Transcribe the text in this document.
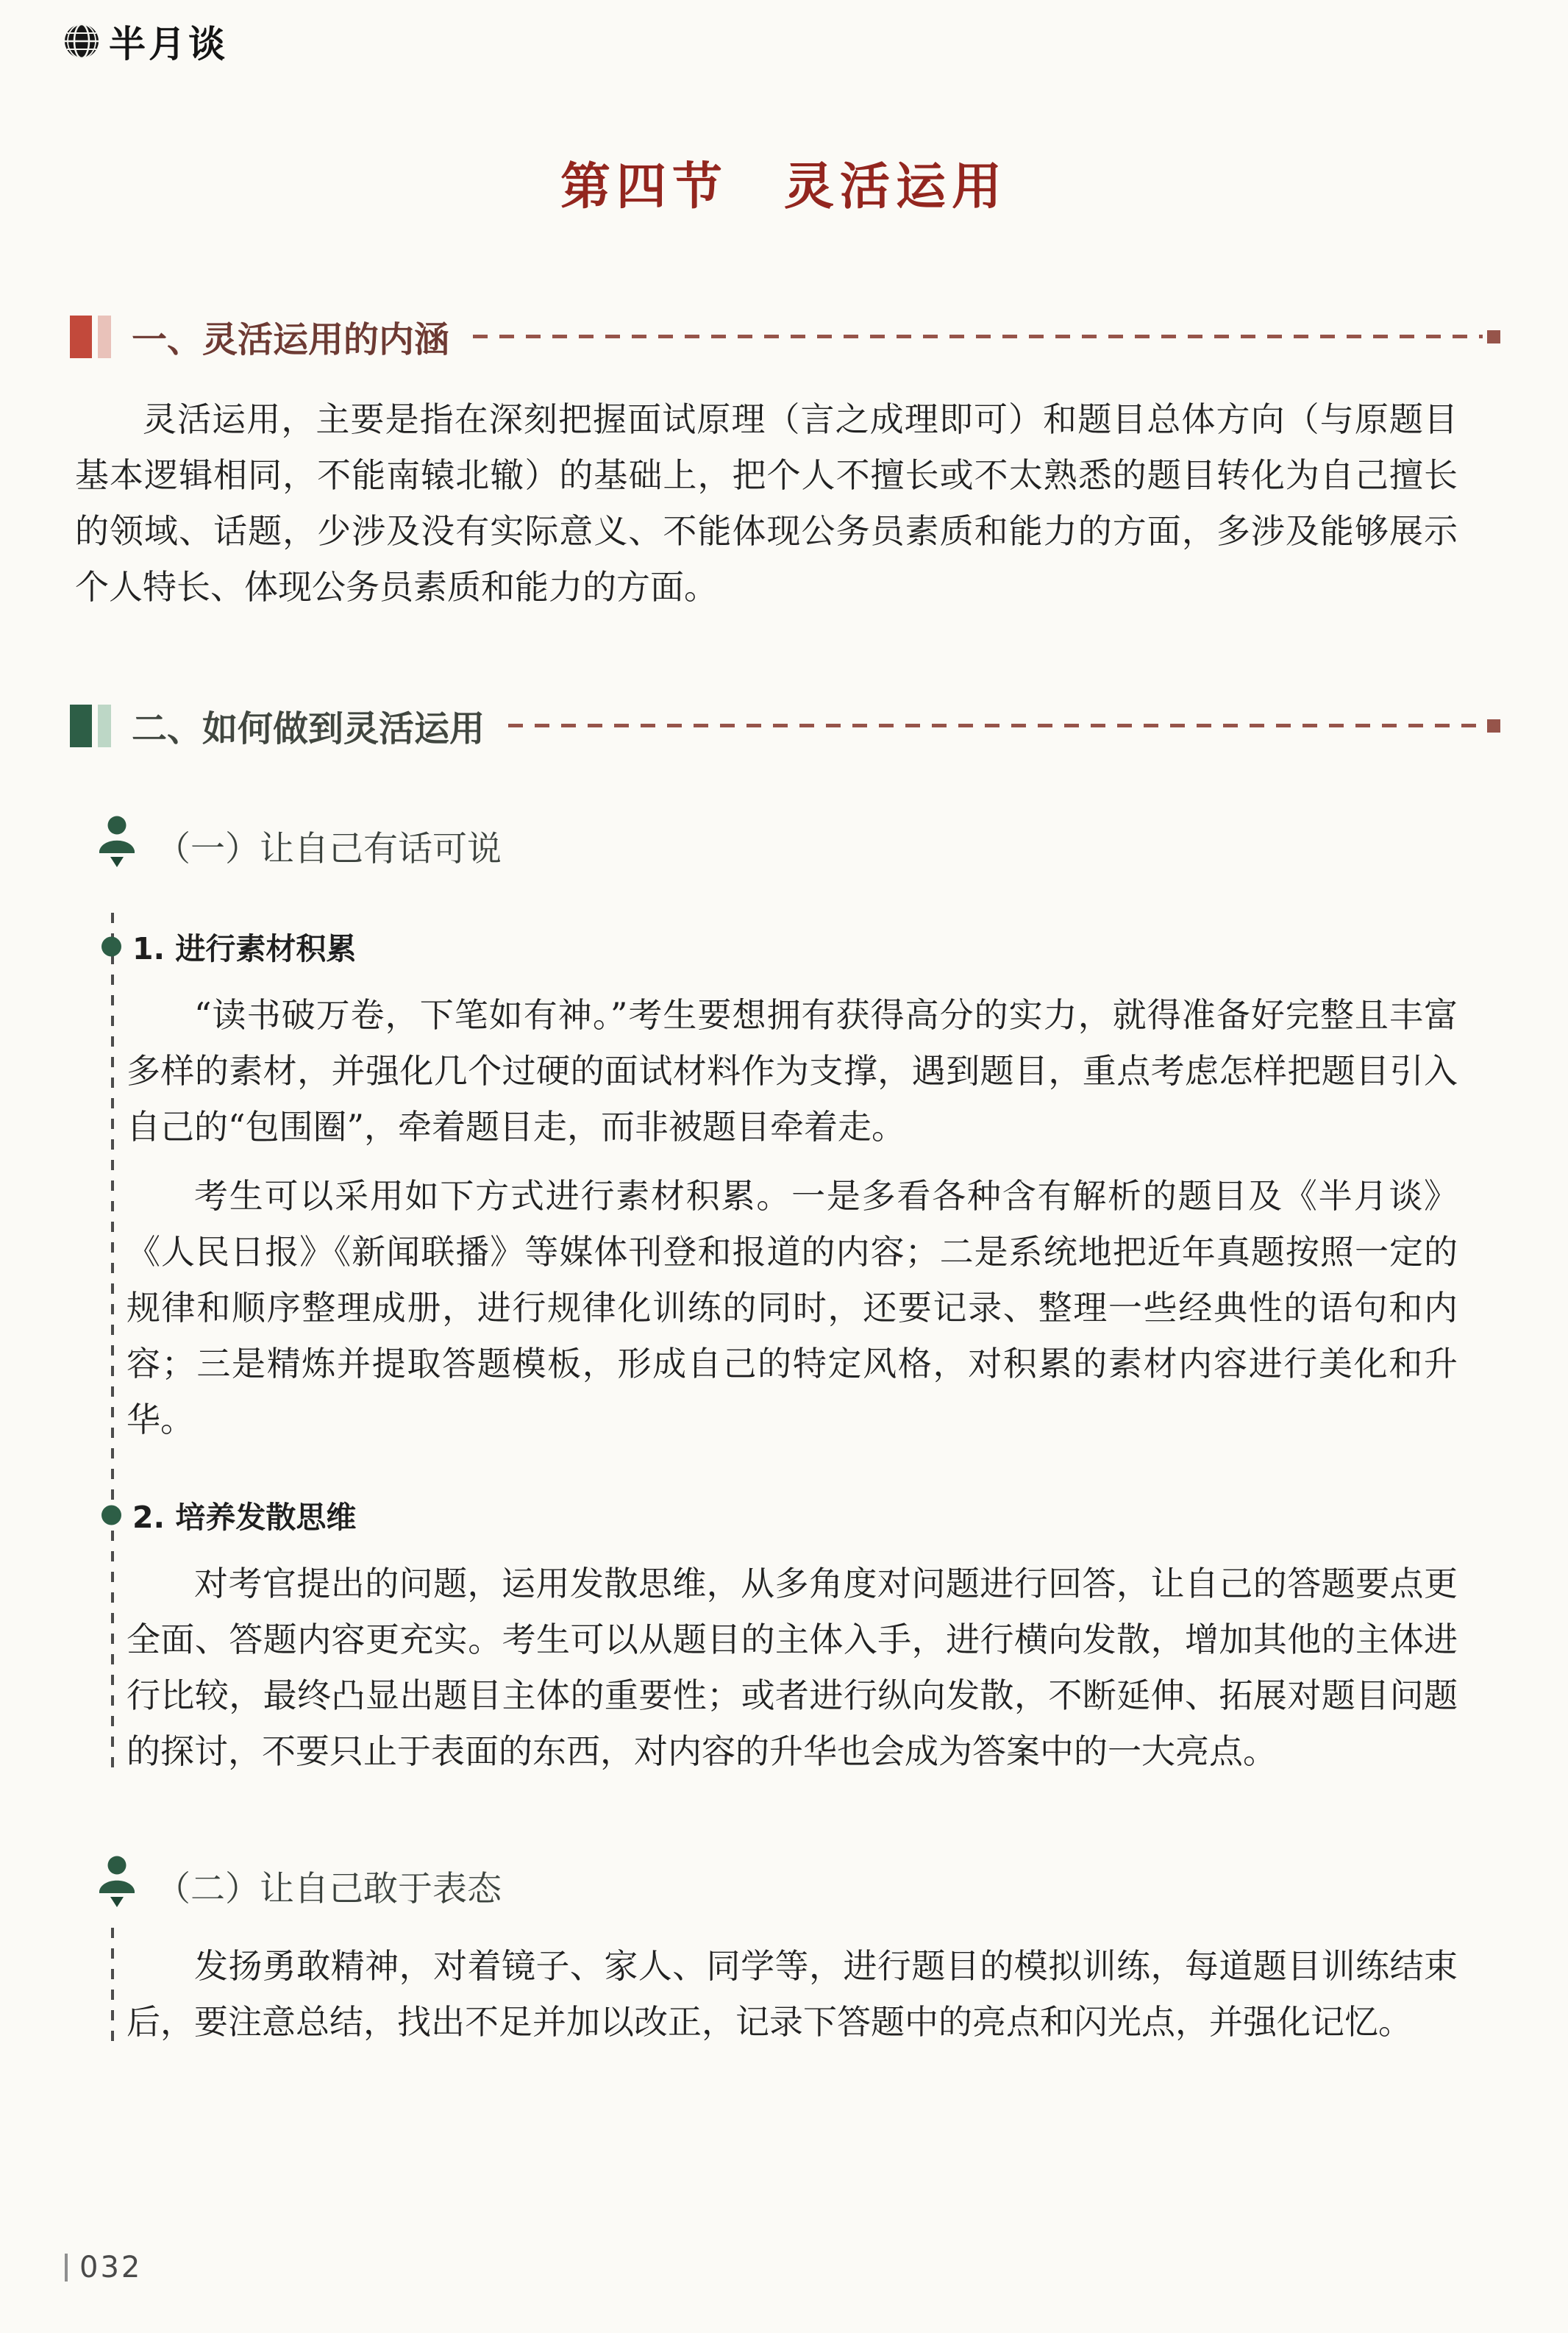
半月谈
第四节　灵活运用
一、灵活运用的内涵

灵活运用，主要是指在深刻把握面试原理（言之成理即可）和题目总体方向（与原题目基本逻辑相同，不能南辕北辙）的基础上，把个人不擅长或不太熟悉的题目转化为自己擅长的领域、话题，少涉及没有实际意义、不能体现公务员素质和能力的方面，多涉及能够展示个人特长、体现公务员素质和能力的方面。

二、如何做到灵活运用
（一）让自己有话可说
1. 进行素材积累

“读书破万卷，下笔如有神。”考生要想拥有获得高分的实力，就得准备好完整且丰富多样的素材，并强化几个过硬的面试材料作为支撑，遇到题目，重点考虑怎样把题目引入自己的“包围圈”，牵着题目走，而非被题目牵着走。

考生可以采用如下方式进行素材积累。一是多看各种含有解析的题目及《半月谈》《人民日报》《新闻联播》等媒体刊登和报道的内容；二是系统地把近年真题按照一定的规律和顺序整理成册，进行规律化训练的同时，还要记录、整理一些经典性的语句和内容；三是精炼并提取答题模板，形成自己的特定风格，对积累的素材内容进行美化和升华。

2. 培养发散思维

对考官提出的问题，运用发散思维，从多角度对问题进行回答，让自己的答题要点更全面、答题内容更充实。考生可以从题目的主体入手，进行横向发散，增加其他的主体进行比较，最终凸显出题目主体的重要性；或者进行纵向发散，不断延伸、拓展对题目问题的探讨，不要只止于表面的东西，对内容的升华也会成为答案中的一大亮点。

（二）让自己敢于表态

发扬勇敢精神，对着镜子、家人、同学等，进行题目的模拟训练，每道题目训练结束后，要注意总结，找出不足并加以改正，记录下答题中的亮点和闪光点，并强化记忆。

032
